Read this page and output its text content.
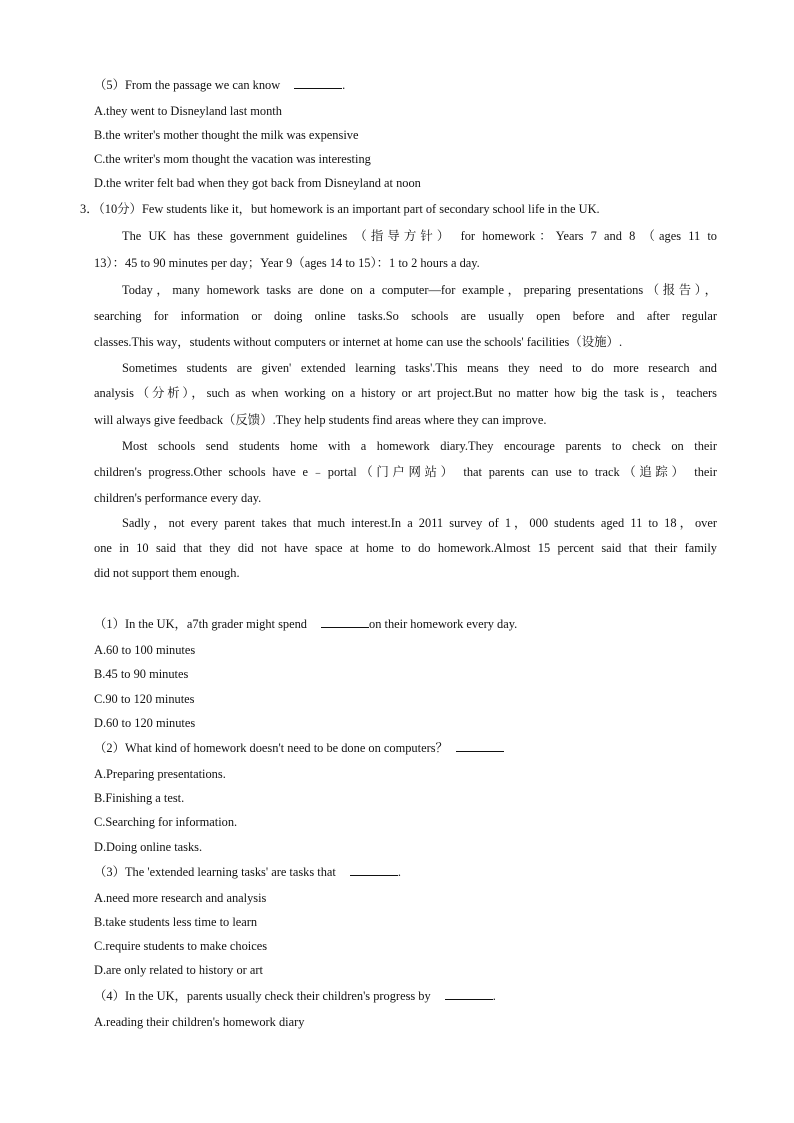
（5）From the passage we can know	.
A.they went to Disneyland last month
B.the writer's mother thought the milk was expensive
C.the writer's mom thought the vacation was interesting
D.the writer felt bad when they got back from Disneyland at noon
3．（10分）Few students like it，but homework is an important part of secondary school life in the UK.
The UK has these government guidelines （指导方针） for homework：Years 7 and 8 （ages 11 to
13）：45 to 90 minutes per day；Year 9（ages 14 to 15）：1 to 2 hours a day.
Today，many homework tasks are done on a computer—for example，preparing presentations（报告），
searching for information or doing online tasks.So schools are usually open before and after regular
classes.This way，students without computers or internet at home can use the schools' facilities（设施）.
Sometimes students are given' extended learning tasks'.This means they need to do more research and
analysis（分析），such as when working on a history or art project.But no matter how big the task is，teachers
will always give feedback（反馈）.They help students find areas where they can improve.
Most schools send students home with a homework diary.They encourage parents to check on their
children's progress.Other schools have e﹣portal（门户网站） that parents can use to track（追踪） their
children's performance every day.
Sadly，not every parent takes that much interest.In a 2011 survey of 1，000 students aged 11 to 18，over
one in 10 said that they did not have space at home to do homework.Almost 15 percent said that their family
did not support them enough.
（1）In the UK，a7th grader might spend	on their homework every day.
A.60 to 100 minutes
B.45 to 90 minutes
C.90 to 120 minutes
D.60 to 120 minutes
（2）What kind of homework doesn't need to be done on computers？
A.Preparing presentations.
B.Finishing a test.
C.Searching for information.
D.Doing online tasks.
（3）The 'extended learning tasks' are tasks that	.
A.need more research and analysis
B.take students less time to learn
C.require students to make choices
D.are only related to history or art
（4）In the UK，parents usually check their children's progress by	.
A.reading their children's homework diary
